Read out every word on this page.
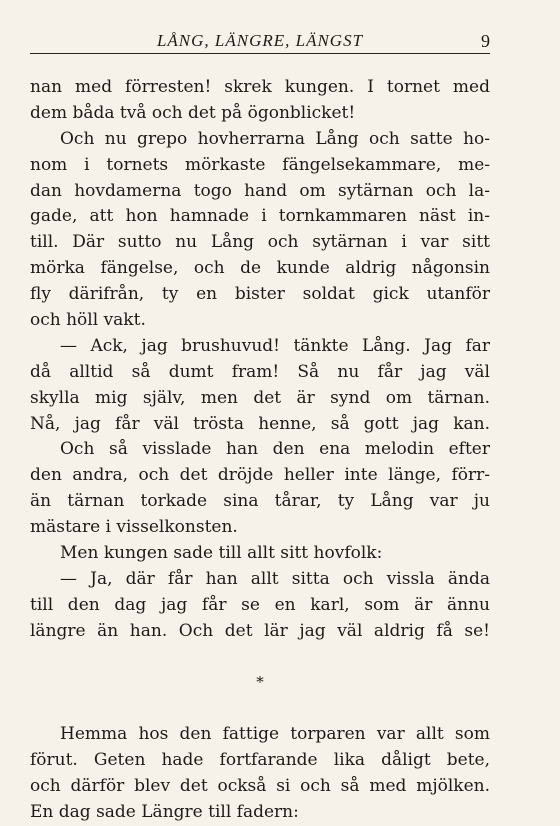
LÅNG, LÄNGRE, LÄNGST	9
nan med förresten! skrek kungen. I tornet med
dem båda två och det på ögonblicket!
Och nu grepo hovherrarna Lång och satte ho-
nom i tornets mörkaste fängelsekammare, me-
dan hovdamerna togo hand om sytärnan och la-
gade, att hon hamnade i tornkammaren näst in-
till. Där sutto nu Lång och sytärnan i var sitt
mörka fängelse, och de kunde aldrig någonsin
fly därifrån, ty en bister soldat gick utanför
och höll vakt.
— Ack, jag brushuvud! tänkte Lång. Jag far
då alltid så dumt fram! Så nu får jag väl
skylla mig själv, men det är synd om tärnan.
Nå, jag får väl trösta henne, så gott jag kan.
Och så visslade han den ena melodin efter
den andra, och det dröjde heller inte länge, förr-
än tärnan torkade sina tårar, ty Lång var ju
mästare i visselkonsten.
Men kungen sade till allt sitt hovfolk:
— Ja, där får han allt sitta och vissla ända
till den dag jag får se en karl, som är ännu
längre än han. Och det lär jag väl aldrig få se!
*
Hemma hos den fattige torparen var allt som
förut. Geten hade fortfarande lika dåligt bete,
och därför blev det också si och så med mjölken.
En dag sade Längre till fadern:
